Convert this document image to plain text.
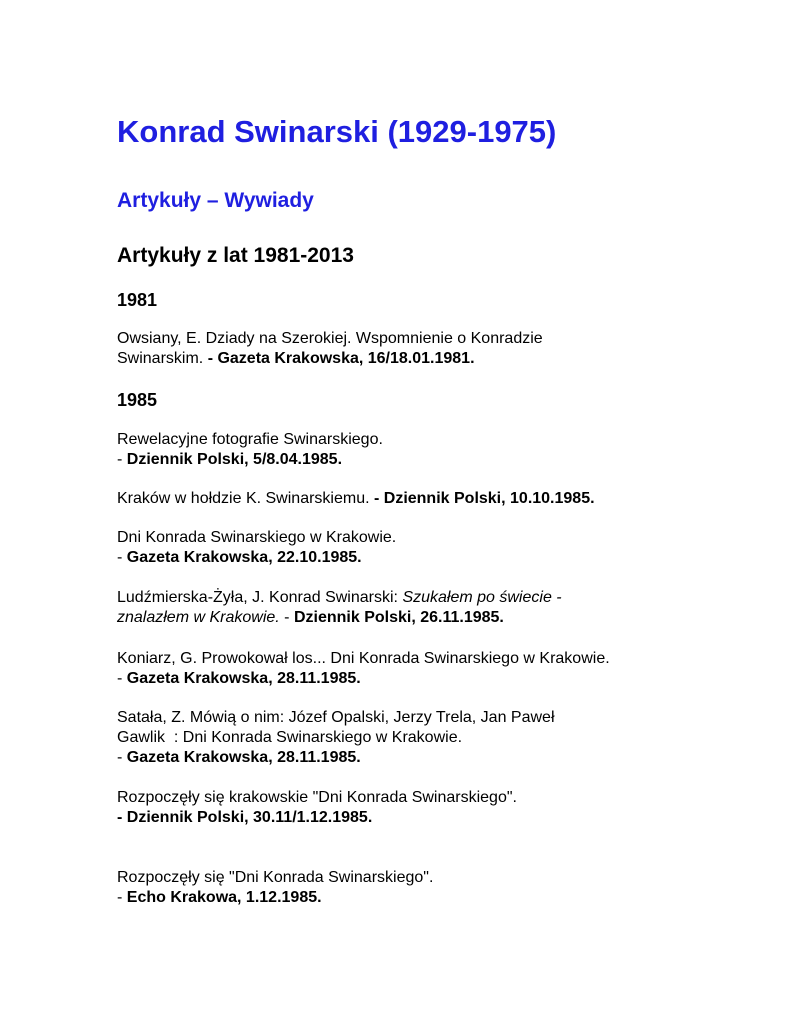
Konrad Swinarski (1929-1975)
Artykuły – Wywiady
Artykuły z lat 1981-2013
1981

Owsiany, E. Dziady na Szerokiej. Wspomnienie o Konradzie
Swinarskim. - Gazeta Krakowska, 16/18.01.1981.

1985

Rewelacyjne fotografie Swinarskiego.
- Dziennik Polski, 5/8.04.1985.

Kraków w hołdzie K. Swinarskiemu. - Dziennik Polski, 10.10.1985.

Dni Konrada Swinarskiego w Krakowie.
- Gazeta Krakowska, 22.10.1985.

Ludźmierska-Żyła, J. Konrad Swinarski: Szukałem po świecie -
znalazłem w Krakowie. - Dziennik Polski, 26.11.1985.

Koniarz, G. Prowokował los... Dni Konrada Swinarskiego w Krakowie.
- Gazeta Krakowska, 28.11.1985.

Satała, Z. Mówią o nim: Józef Opalski, Jerzy Trela, Jan Paweł
Gawlik  : Dni Konrada Swinarskiego w Krakowie.
- Gazeta Krakowska, 28.11.1985.

Rozpoczęły się krakowskie "Dni Konrada Swinarskiego".
- Dziennik Polski, 30.11/1.12.1985.

Rozpoczęły się "Dni Konrada Swinarskiego".
- Echo Krakowa, 1.12.1985.
